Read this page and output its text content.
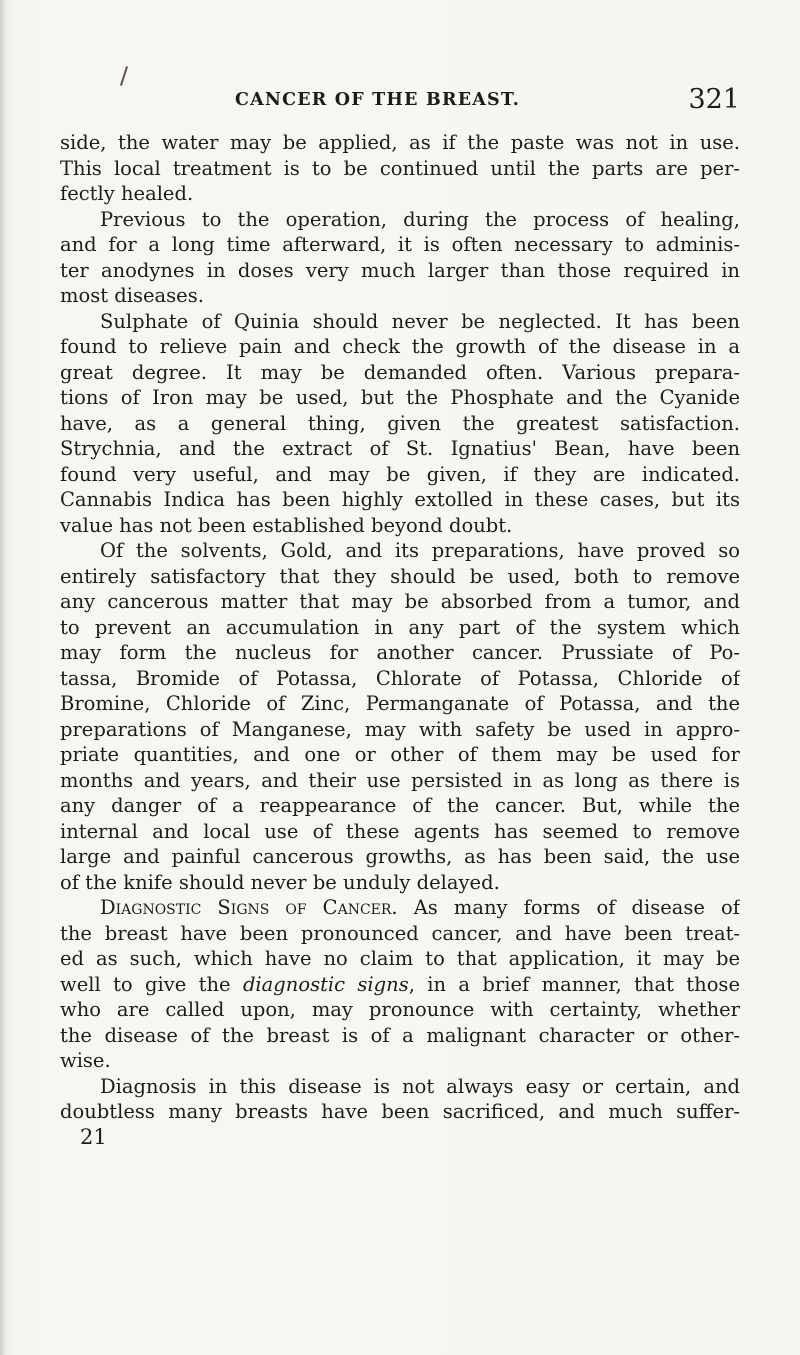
CANCER OF THE BREAST.	321
side, the water may be applied, as if the paste was not in use.
This local treatment is to be continued until the parts are per-
fectly healed.
Previous to the operation, during the process of healing,
and for a long time afterward, it is often necessary to adminis-
ter anodynes in doses very much larger than those required in
most diseases.
Sulphate of Quinia should never be neglected. It has been
found to relieve pain and check the growth of the disease in a
great degree. It may be demanded often. Various prepara-
tions of Iron may be used, but the Phosphate and the Cyanide
have, as a general thing, given the greatest satisfaction.
Strychnia, and the extract of St. Ignatius' Bean, have been
found very useful, and may be given, if they are indicated.
Cannabis Indica has been highly extolled in these cases, but its
value has not been established beyond doubt.
Of the solvents, Gold, and its preparations, have proved so
entirely satisfactory that they should be used, both to remove
any cancerous matter that may be absorbed from a tumor, and
to prevent an accumulation in any part of the system which
may form the nucleus for another cancer. Prussiate of Po-
tassa, Bromide of Potassa, Chlorate of Potassa, Chloride of
Bromine, Chloride of Zinc, Permanganate of Potassa, and the
preparations of Manganese, may with safety be used in appro-
priate quantities, and one or other of them may be used for
months and years, and their use persisted in as long as there is
any danger of a reappearance of the cancer. But, while the
internal and local use of these agents has seemed to remove
large and painful cancerous growths, as has been said, the use
of the knife should never be unduly delayed.
Diagnostic Signs of Cancer. As many forms of disease of
the breast have been pronounced cancer, and have been treat-
ed as such, which have no claim to that application, it may be
well to give the diagnostic signs, in a brief manner, that those
who are called upon, may pronounce with certainty, whether
the disease of the breast is of a malignant character or other-
wise.
Diagnosis in this disease is not always easy or certain, and
doubtless many breasts have been sacrificed, and much suffer-
21
